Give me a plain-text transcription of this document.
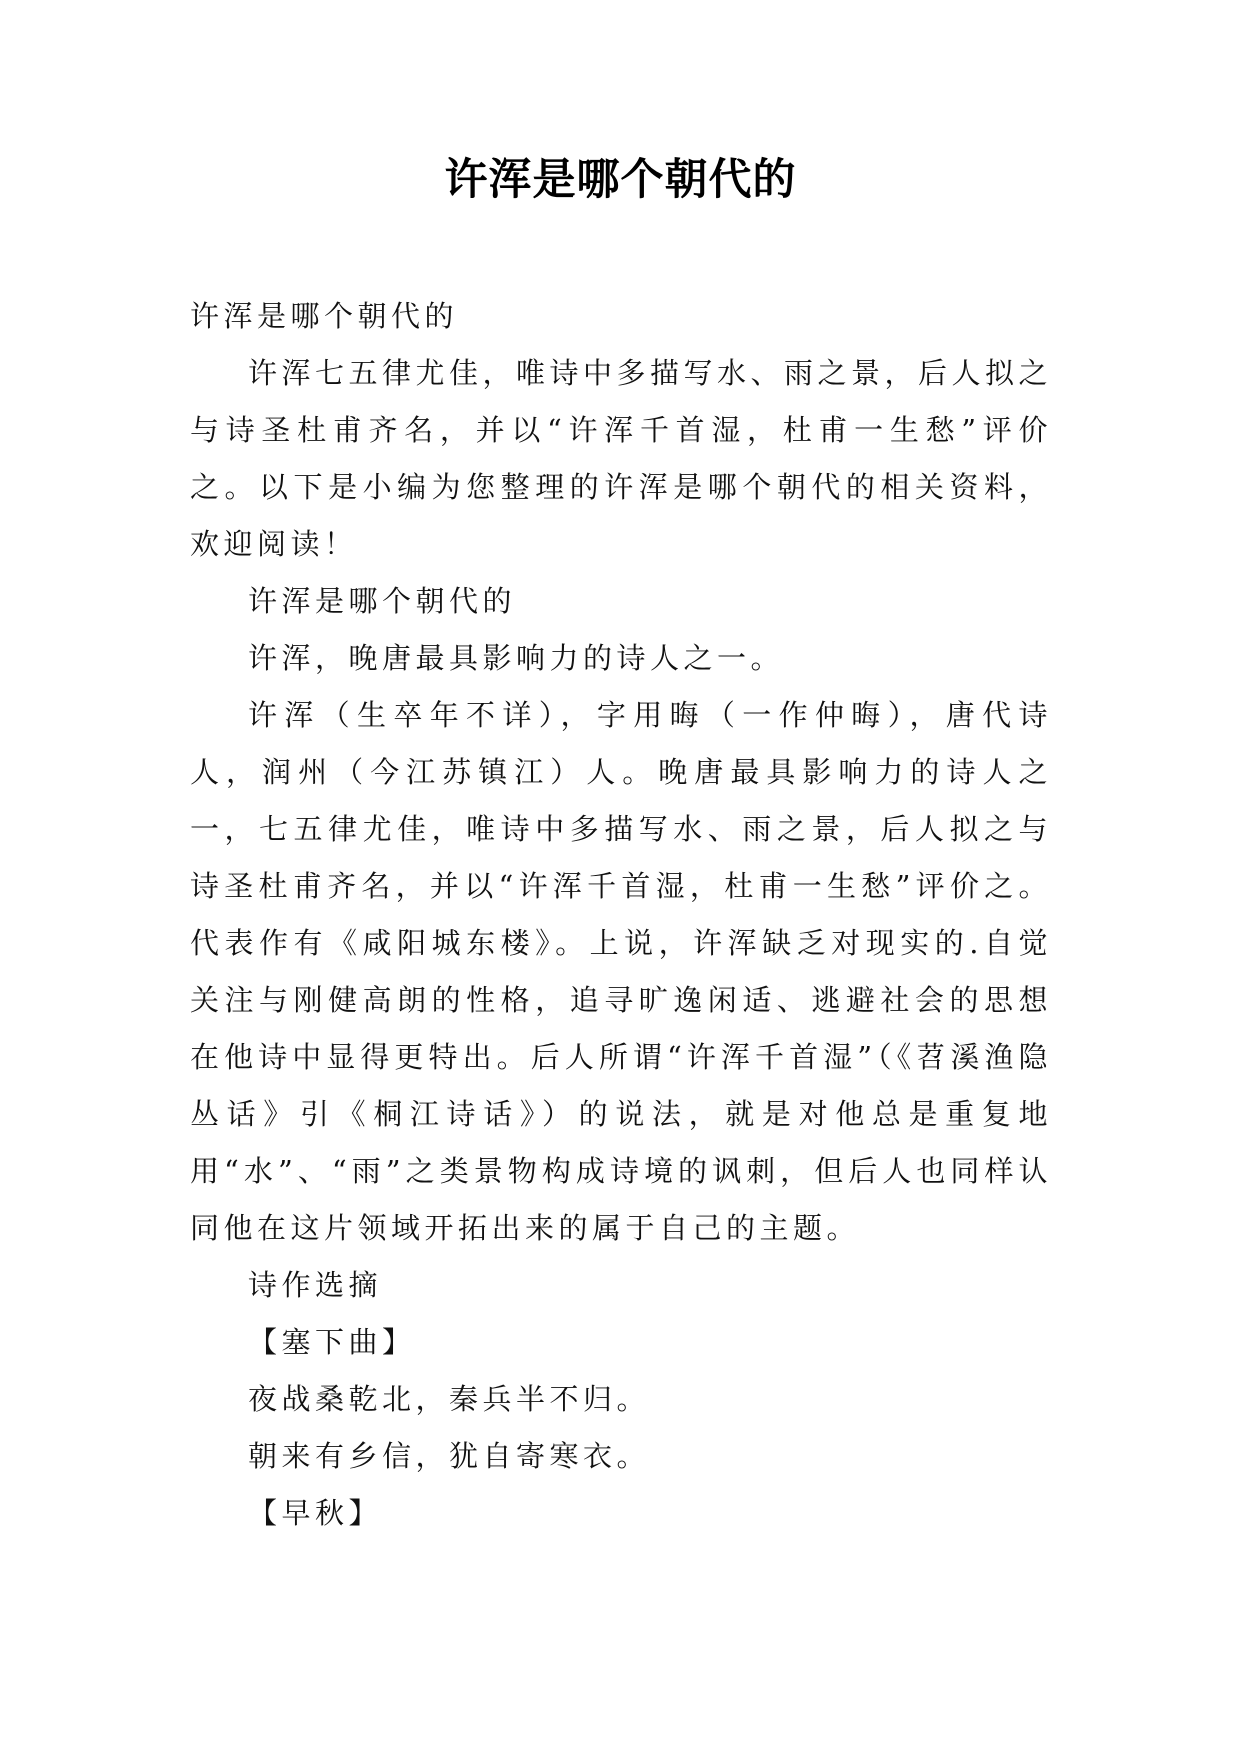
许浑是哪个朝代的

许浑是哪个朝代的

许浑七五律尤佳，唯诗中多描写水、雨之景，后人拟之与诗圣杜甫齐名，并以“许浑千首湿，杜甫一生愁”评价之。以下是小编为您整理的许浑是哪个朝代的相关资料，欢迎阅读！

许浑是哪个朝代的

许浑，晚唐最具影响力的诗人之一。

许浑（生卒年不详），字用晦（一作仲晦），唐代诗人，润州（今江苏镇江）人。晚唐最具影响力的诗人之一，七五律尤佳，唯诗中多描写水、雨之景，后人拟之与诗圣杜甫齐名，并以“许浑千首湿，杜甫一生愁”评价之。代表作有《咸阳城东楼》。上说，许浑缺乏对现实的.自觉关注与刚健高朗的性格，追寻旷逸闲适、逃避社会的思想在他诗中显得更特出。后人所谓“许浑千首湿”（《苕溪渔隐丛话》引《桐江诗话》）的说法，就是对他总是重复地用“水”、“雨”之类景物构成诗境的讽刺，但后人也同样认同他在这片领域开拓出来的属于自己的主题。

诗作选摘

【塞下曲】

夜战桑乾北，秦兵半不归。

朝来有乡信，犹自寄寒衣。

【早秋】
